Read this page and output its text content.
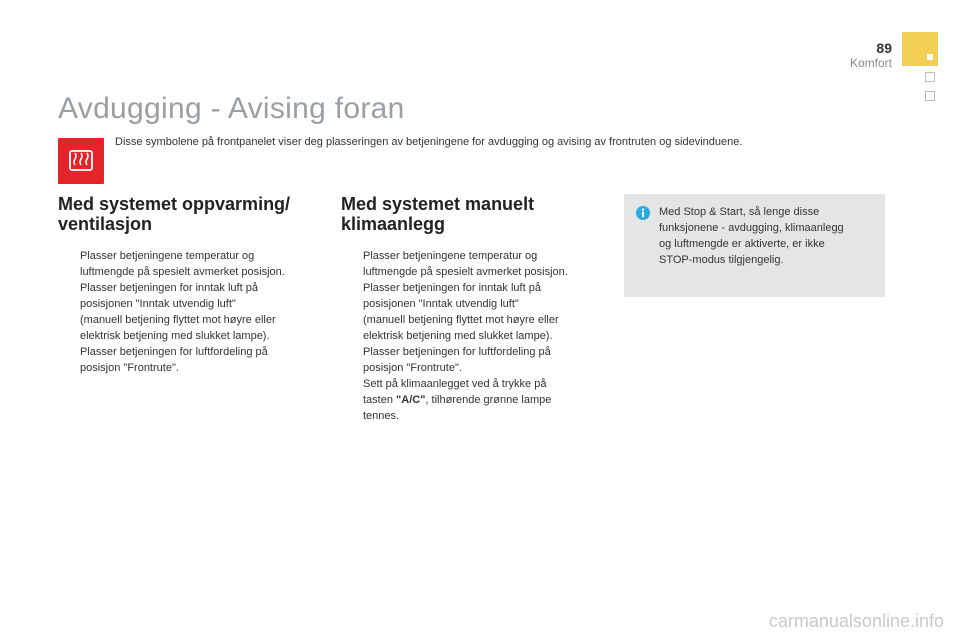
89
Komfort
Avdugging - Avising foran

Disse symbolene på frontpanelet viser deg plasseringen av betjeningene for avdugging og avising av frontruten og sidevinduene.

Med systemet oppvarming/ ventilasjon
Plasser betjeningene temperatur og
luftmengde på spesielt avmerket posisjon.
Plasser betjeningen for inntak luft på
posisjonen "Inntak utvendig luft"
(manuell betjening flyttet mot høyre eller
elektrisk betjening med slukket lampe).
Plasser betjeningen for luftfordeling på
posisjon "Frontrute".
Med systemet manuelt klimaanlegg
Plasser betjeningene temperatur og
luftmengde på spesielt avmerket posisjon.
Plasser betjeningen for inntak luft på
posisjonen "Inntak utvendig luft"
(manuell betjening flyttet mot høyre eller
elektrisk betjening med slukket lampe).
Plasser betjeningen for luftfordeling på
posisjon "Frontrute".
Sett på klimaanlegget ved å trykke på
tasten "A/C", tilhørende grønne lampe
tennes.

Med Stop & Start, så lenge disse
funksjonene - avdugging, klimaanlegg
og luftmengde er aktiverte, er ikke
STOP-modus tilgjengelig.

carmanualsonline.info
